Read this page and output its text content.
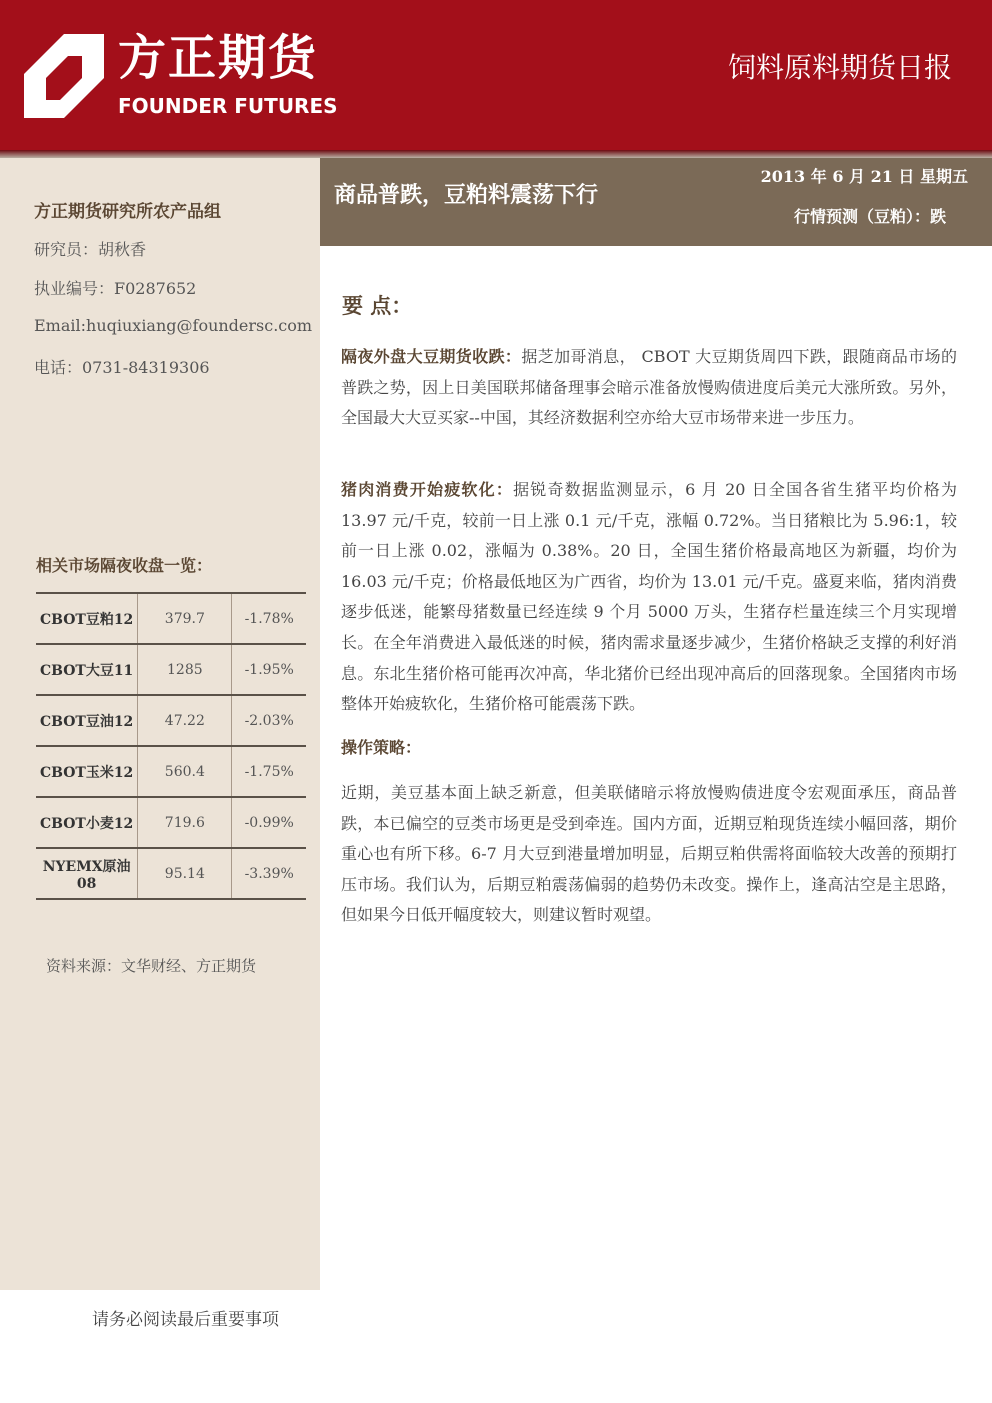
方正期货
FOUNDER FUTURES
饲料原料期货日报
商品普跌，豆粕料震荡下行
2013 年 6 月 21 日 星期五
行情预测（豆粕）：跌
方正期货研究所农产品组
研究员：胡秋香
执业编号：F0287652
Email:huqiuxiang@foundersc.com
电话：0731-84319306
相关市场隔夜收盘一览：
CBOT豆粕12	379.7	-1.78%
CBOT大豆11	1285	-1.95%
CBOT豆油12	47.22	-2.03%
CBOT玉米12	560.4	-1.75%
CBOT小麦12	719.6	-0.99%
NYEMX原油08	95.14	-3.39%
资料来源：文华财经、方正期货
要 点：
隔夜外盘大豆期货收跌：据芝加哥消息， CBOT 大豆期货周四下跌，跟随商品市场的普跌之势，因上日美国联邦储备理事会暗示准备放慢购债进度后美元大涨所致。另外，全国最大大豆买家--中国，其经济数据利空亦给大豆市场带来进一步压力。
猪肉消费开始疲软化：据锐奇数据监测显示，6 月 20 日全国各省生猪平均价格为 13.97 元/千克，较前一日上涨 0.1 元/千克，涨幅 0.72%。当日猪粮比为 5.96:1，较前一日上涨 0.02，涨幅为 0.38%。20 日，全国生猪价格最高地区为新疆，均价为 16.03 元/千克；价格最低地区为广西省，均价为 13.01 元/千克。盛夏来临，猪肉消费逐步低迷，能繁母猪数量已经连续 9 个月 5000 万头，生猪存栏量连续三个月实现增长。在全年消费进入最低迷的时候，猪肉需求量逐步减少，生猪价格缺乏支撑的利好消息。东北生猪价格可能再次冲高，华北猪价已经出现冲高后的回落现象。全国猪肉市场整体开始疲软化，生猪价格可能震荡下跌。
操作策略：
近期，美豆基本面上缺乏新意，但美联储暗示将放慢购债进度令宏观面承压，商品普跌，本已偏空的豆类市场更是受到牵连。国内方面，近期豆粕现货连续小幅回落，期价重心也有所下移。6-7 月大豆到港量增加明显，后期豆粕供需将面临较大改善的预期打压市场。我们认为，后期豆粕震荡偏弱的趋势仍未改变。操作上，逢高沽空是主思路，但如果今日低开幅度较大，则建议暂时观望。
请务必阅读最后重要事项
